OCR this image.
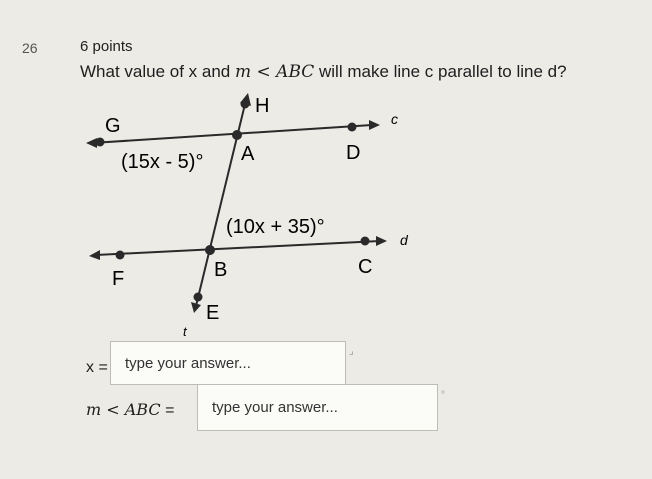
26	6 points
What value of x and m < ABC will make line c parallel to line d?
G
H
A	D
F	B	C
E
c
d
t
(15x - 5)°
(10x + 35)°
x =	type your answer...
⌟
m < ABC =	type your answer...
°
